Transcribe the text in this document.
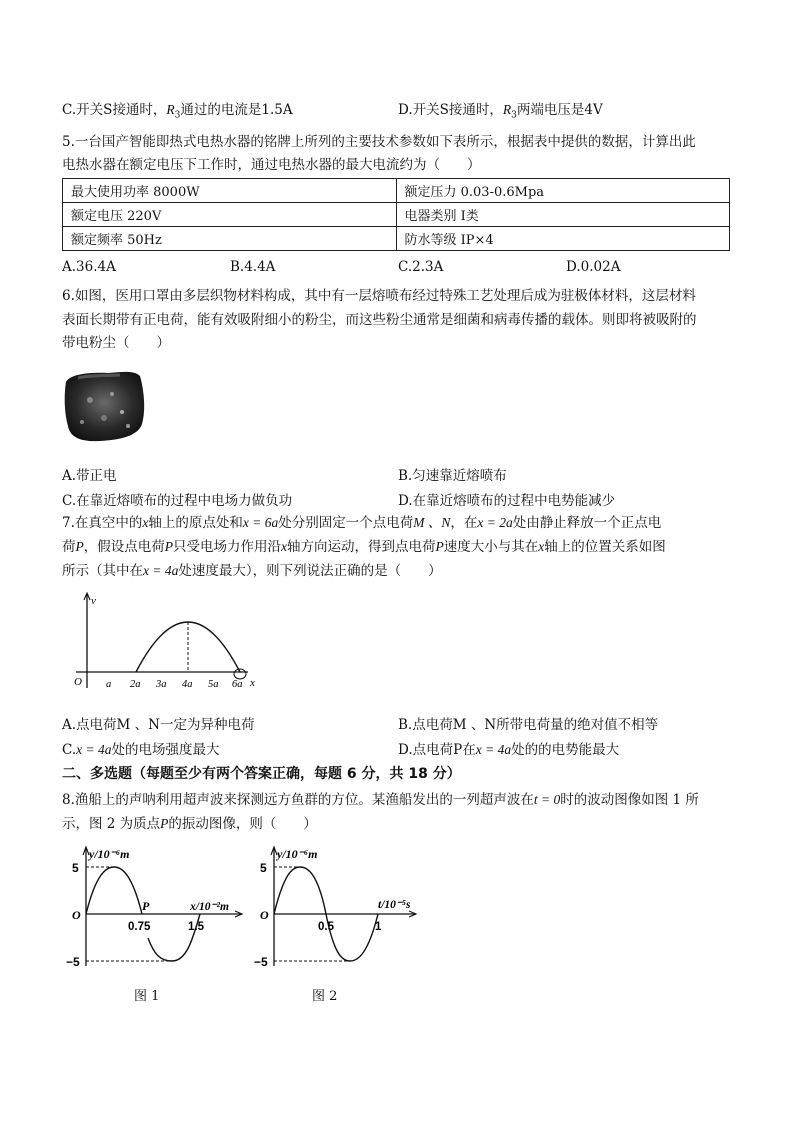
C.开关S接通时，$R_3$通过的电流是1.5A	D.开关S接通时，$R_3$两端电压是4V
5.一台国产智能即热式电热水器的铭牌上所列的主要技术参数如下表所示，根据表中提供的数据，计算出此
电热水器在额定电压下工作时，通过电热水器的最大电流约为（　　）
最大使用功率 8000W	额定压力 0.03-0.6Mpa
额定电压 220V	电器类别 I类
额定频率 50Hz	防水等级 IP×4
A.36.4A	B.4.4A	C.2.3A	D.0.02A
6.如图，医用口罩由多层织物材料构成，其中有一层熔喷布经过特殊工艺处理后成为驻极体材料，这层材料
表面长期带有正电荷，能有效吸附细小的粉尘，而这些粉尘通常是细菌和病毒传播的载体。则即将被吸附的
带电粉尘（　　）
A.带正电	B.匀速靠近熔喷布
C.在靠近熔喷布的过程中电场力做负功	D.在靠近熔喷布的过程中电势能减少
7.在真空中的x轴上的原点处和x = 6a处分别固定一个点电荷M 、N，在x = 2a处由静止释放一个正点电
荷P，假设点电荷P只受电场力作用沿x轴方向运动，得到点电荷P速度大小与其在x轴上的位置关系如图
所示（其中在x = 4a处速度最大），则下列说法正确的是（　　）
v
O	x
a 2a 3a 4a 5a 6a
A.点电荷M 、N一定为异种电荷	B.点电荷M 、N所带电荷量的绝对值不相等
C.x = 4a处的电场强度最大	D.点电荷P在x = 4a处的的电势能最大
二、多选题（每题至少有两个答案正确，每题 6 分，共 18 分）
8.渔船上的声呐利用超声波来探测远方鱼群的方位。某渔船发出的一列超声波在t = 0时的波动图像如图 1 所
示，图 2 为质点P的振动图像，则（　　）
y/10⁻⁶m
x/10⁻²m
5
−5
O
P
0.75	1.5
图 1
y/10⁻⁶m
t/10⁻⁵s
5
−5
O
0.5	1
图 2
